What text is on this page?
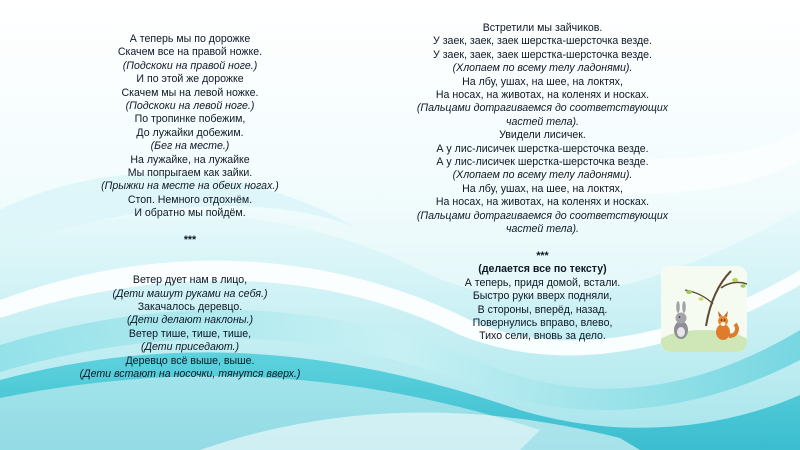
А теперь мы по дорожке
Скачем все на правой ножке.
(Подскоки на правой ноге.)
И по этой же дорожке
Скачем мы на левой ножке.
(Подскоки на левой ноге.)
По тропинке побежим,
До лужайки добежим.
(Бег на месте.)
На лужайке, на лужайке
Мы попрыгаем как зайки.
(Прыжки на месте на обеих ногах.)
Стоп. Немного отдохнём.
И обратно мы пойдём.
***
Ветер дует нам в лицо,
(Дети машут руками на себя.)
Закачалось деревцо.
(Дети делают наклоны.)
Ветер тише, тише, тише,
(Дети приседают.)
Деревцо всё выше, выше.
(Дети встают на носочки, тянутся вверх.)
Встретили мы зайчиков.
У заек, заек, заек шерстка-шерсточка везде.
У заек, заек, заек шерстка-шерсточка везде.
(Хлопаем по всему телу ладонями).
На лбу, ушах, на шее, на локтях,
На носах, на животах, на коленях и носках.
(Пальцами дотрагиваемся до соответствующих
частей тела).
Увидели лисичек.
А у лис-лисичек шерстка-шерсточка везде.
А у лис-лисичек шерстка-шерсточка везде.
(Хлопаем по всему телу ладонями).
На лбу, ушах, на шее, на локтях,
На носах, на животах, на коленях и носках.
(Пальцами дотрагиваемся до соответствующих
частей тела).
***
(делается все по тексту)
А теперь, придя домой, встали.
Быстро руки вверх подняли,
В стороны, вперёд, назад.
Повернулись вправо, влево,
Тихо сели, вновь за дело.
